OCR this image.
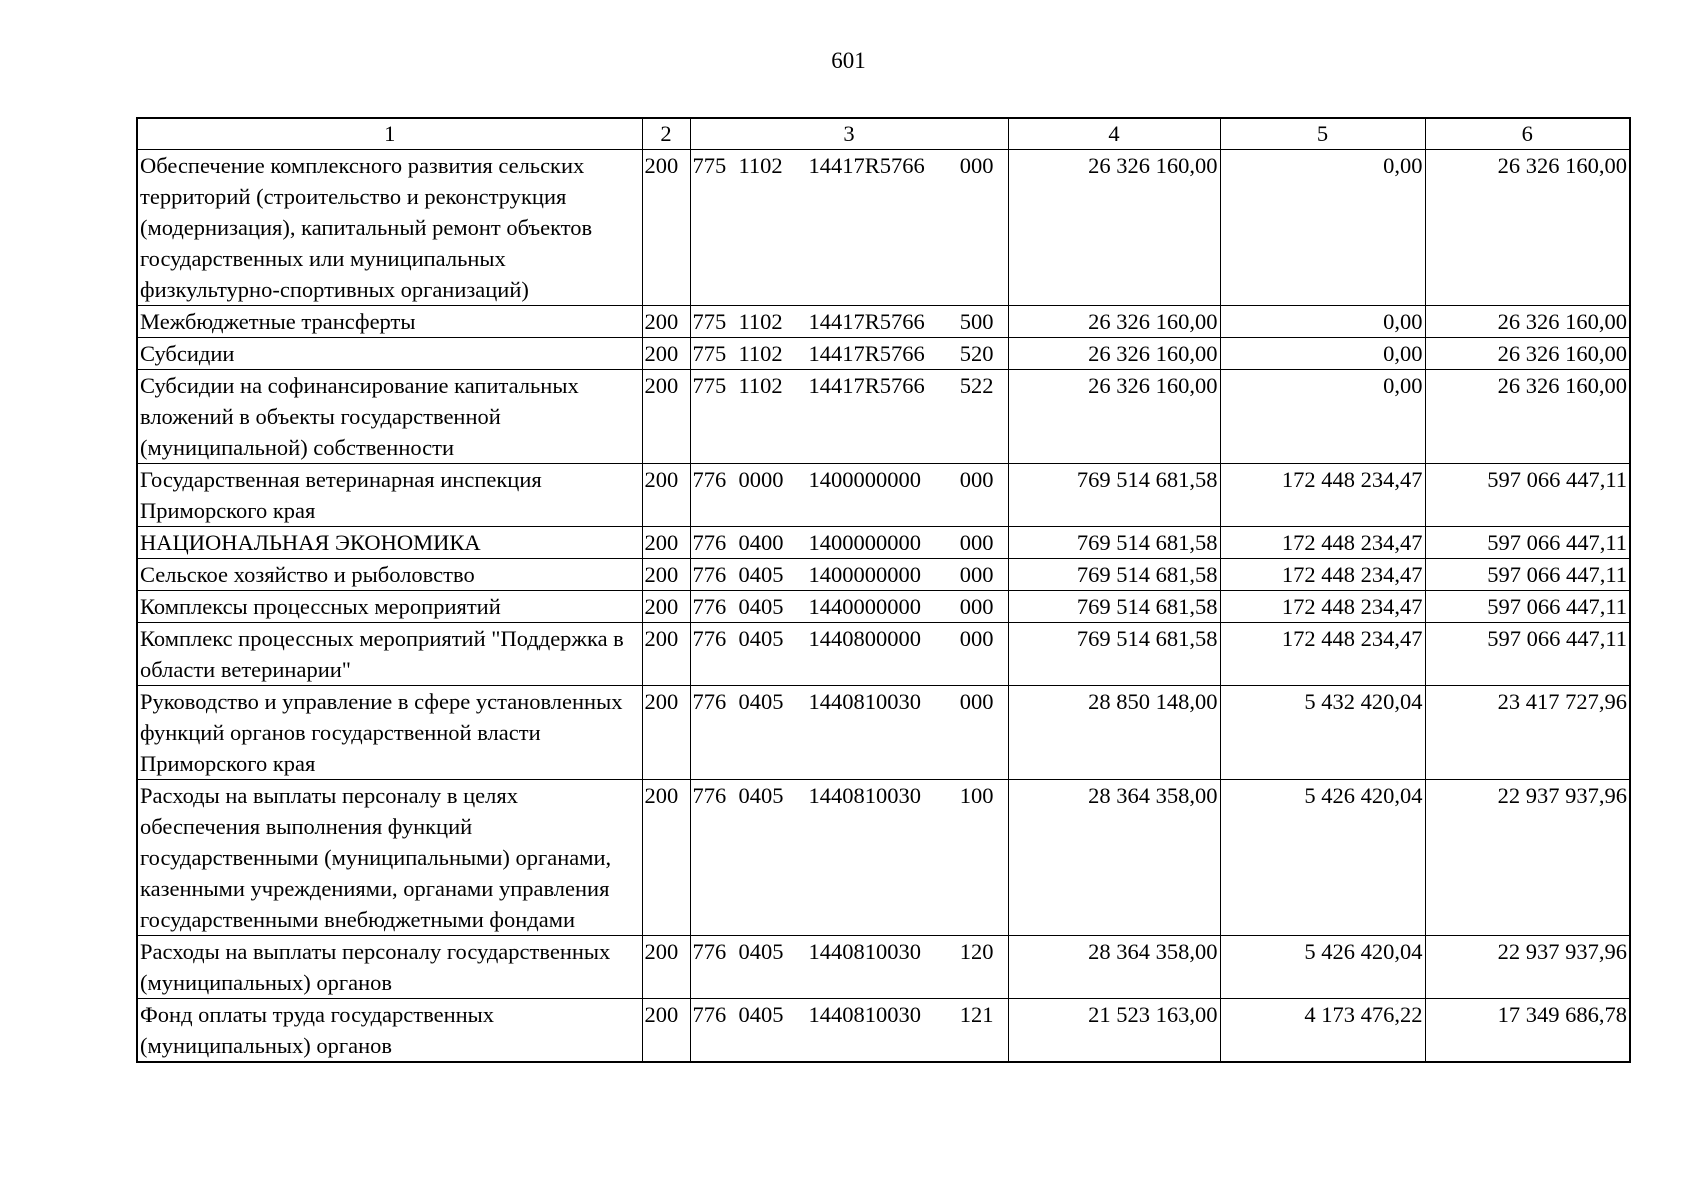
601
1	2	3	4	5	6
Обеспечение комплексного развития сельских территорий (строительство и реконструкция (модернизация), капитальный ремонт объектов государственных или муниципальных физкультурно-спортивных организаций)	200	775 1102 14417R5766 000	26 326 160,00	0,00	26 326 160,00
Межбюджетные трансферты	200	775 1102 14417R5766 500	26 326 160,00	0,00	26 326 160,00
Субсидии	200	775 1102 14417R5766 520	26 326 160,00	0,00	26 326 160,00
Субсидии на софинансирование капитальных вложений в объекты государственной (муниципальной) собственности	200	775 1102 14417R5766 522	26 326 160,00	0,00	26 326 160,00
Государственная ветеринарная инспекция Приморского края	200	776 0000 1400000000 000	769 514 681,58	172 448 234,47	597 066 447,11
НАЦИОНАЛЬНАЯ ЭКОНОМИКА	200	776 0400 1400000000 000	769 514 681,58	172 448 234,47	597 066 447,11
Сельское хозяйство и рыболовство	200	776 0405 1400000000 000	769 514 681,58	172 448 234,47	597 066 447,11
Комплексы процессных мероприятий	200	776 0405 1440000000 000	769 514 681,58	172 448 234,47	597 066 447,11
Комплекс процессных мероприятий "Поддержка в области ветеринарии"	200	776 0405 1440800000 000	769 514 681,58	172 448 234,47	597 066 447,11
Руководство и управление в сфере установленных функций органов государственной власти Приморского края	200	776 0405 1440810030 000	28 850 148,00	5 432 420,04	23 417 727,96
Расходы на выплаты персоналу в целях обеспечения выполнения функций государственными (муниципальными) органами, казенными учреждениями, органами управления государственными внебюджетными фондами	200	776 0405 1440810030 100	28 364 358,00	5 426 420,04	22 937 937,96
Расходы на выплаты персоналу государственных (муниципальных) органов	200	776 0405 1440810030 120	28 364 358,00	5 426 420,04	22 937 937,96
Фонд оплаты труда государственных (муниципальных) органов	200	776 0405 1440810030 121	21 523 163,00	4 173 476,22	17 349 686,78
